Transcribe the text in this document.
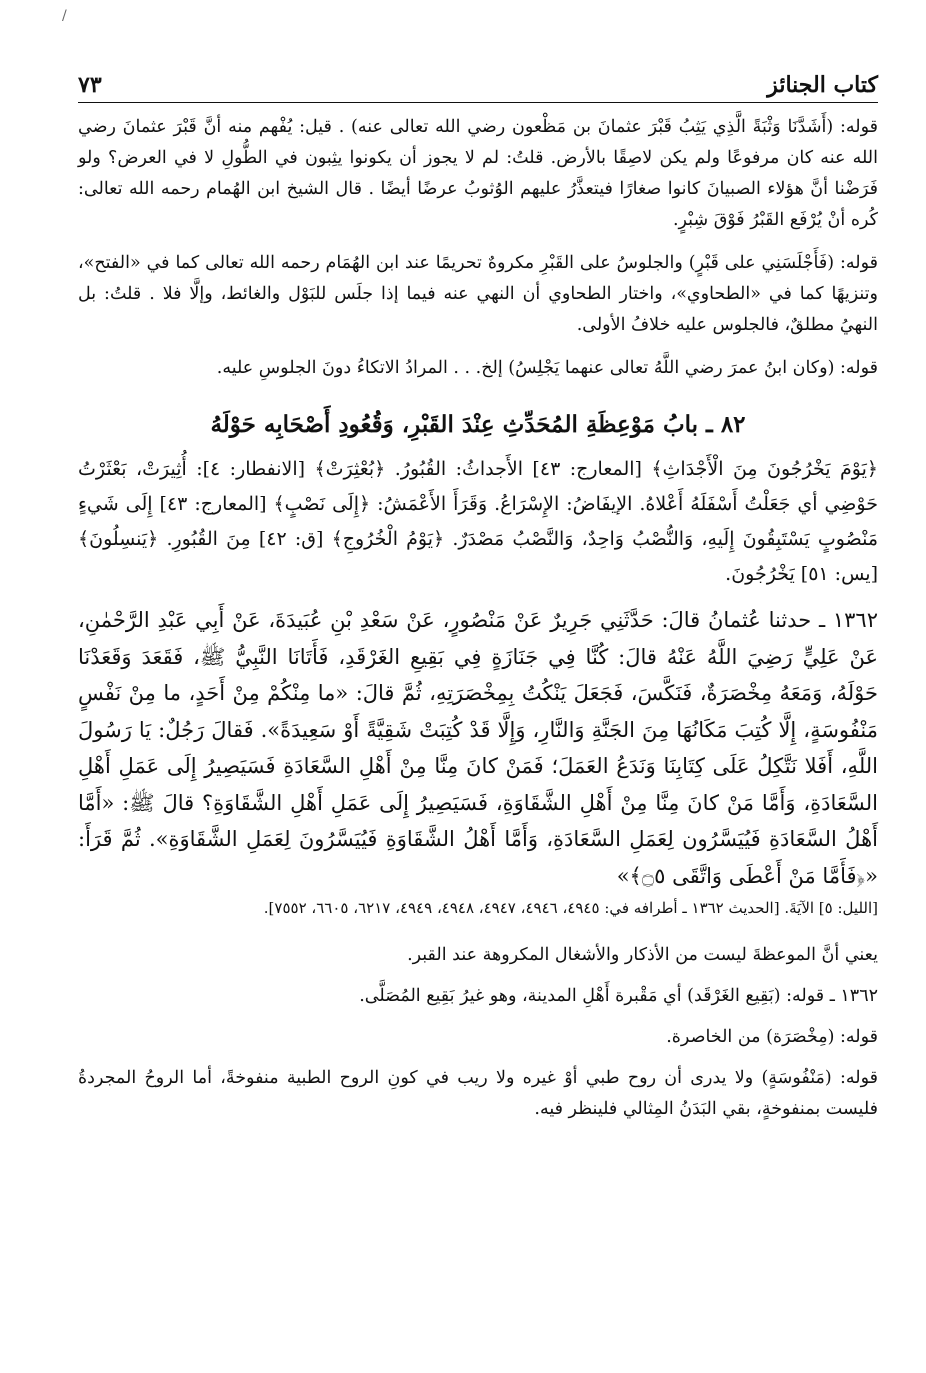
/
كتاب الجنائز
٧٣

قوله: (أَشَدَّنَا وَثْبَةً الَّذِي يَثِبُ قَبْرَ عثمانَ بن مَظْعون رضي الله تعالى عنه) . قيل: يُفْهم منه أنَّ قَبْرَ عثمانَ رضي الله عنه كان مرفوعًا ولم يكن لاصِقًا بالأرض. قلتُ: لم لا يجوز أن يكونوا يثِبون في الطُّولِ لا في العرض؟ ولو فَرَضْنا أنَّ هؤلاء الصبيانَ كانوا صغارًا فيتعذَّرُ عليهم الوُثوبُ عرضًا أيضًا . قال الشيخ ابن الهُمام رحمه الله تعالى: كُره أنْ يُرْفَع القَبْرُ فَوْقَ شِبْرٍ.

قوله: (فَأَجْلَسَنِي على قَبْرٍ) والجلوسُ على القَبْرِ مكروهٌ تحريمًا عند ابن الهُمَام رحمه الله تعالى كما في «الفتح»، وتنزيهًا كما في «الطحاوي»، واختار الطحاوي أن النهي عنه فيما إذا جلَس للبَوْل والغائط، وإلَّا فلا . قلتُ: بل النهيُ مطلقٌ، فالجلوس عليه خلافُ الأولى.

قوله: (وكان ابنُ عمرَ رضي اللَّهُ تعالى عنهما يَجْلِسُ) إلخ. . . المرادُ الاتكاءُ دونَ الجلوسِ عليه.

٨٢ ـ بابُ مَوْعِظَةِ المُحَدِّثِ عِنْدَ القَبْرِ، وَقُعُودِ أَصْحَابِه حَوْلَهُ

﴿يَوْمَ يَخْرُجُونَ مِنَ الْأَجْدَاثِ﴾ [المعارج: ٤٣] الأَجداثُ: القُبُورُ. ﴿بُعْثِرَتْ﴾ [الانفطار: ٤]: أُثِيرَتْ، بَعْثَرْتُ حَوْضِي أي جَعَلْتُ أَسْفَلَهُ أَعْلاهُ. الإيفَاضُ: الإِسْرَاعُ. وَقَرَأَ الأَعْمَشُ: ﴿إِلَى نَصْبٍ﴾ [المعارج: ٤٣] إِلَى شَيءٍ مَنْصُوبٍ يَسْتَبِقُونَ إِلَيهِ، وَالنُّصْبُ وَاحِدٌ، وَالنَّصْبُ مَصْدَرٌ. ﴿يَوْمُ الْخُرُوجِ﴾ [ق: ٤٢] مِنَ القُبُورِ. ﴿يَنسِلُونَ﴾ [يس: ٥١] يَخْرُجُونَ.

١٣٦٢ ـ حدثنا عُثمانُ قالَ: حَدَّثَنِي جَرِيرٌ عَنْ مَنْصُورٍ، عَنْ سَعْدِ بْنِ عُبَيدَةَ، عَنْ أَبِي عَبْدِ الرَّحْمٰنِ، عَنْ عَلِيٍّ رَضِيَ اللَّهُ عَنْهُ قالَ: كُنَّا فِي جَنَازَةٍ فِي بَقِيعِ الغَرْقَدِ، فَأَتَانَا النَّبِيُّ ﷺ، فَقَعَدَ وَقَعَدْنَا حَوْلَهُ، وَمَعَهُ مِخْصَرَةٌ، فَنَكَّسَ، فَجَعَلَ يَنْكُتُ بِمِخْصَرَتِهِ، ثُمَّ قالَ: «ما مِنْكُمْ مِنْ أَحَدٍ، ما مِنْ نَفْسٍ مَنْفُوسَةٍ، إِلَّا كُتِبَ مَكَانُهَا مِنَ الجَنَّةِ وَالنَّارِ، وَإِلَّا قَدْ كُتِبَتْ شَقِيَّةً أَوْ سَعِيدَةً». فَقالَ رَجُلٌ: يَا رَسُولَ اللَّهِ، أَفَلا نَتَّكِلُ عَلَى كِتَابِنَا وَنَدَعُ العَمَلَ؛ فَمَنْ كانَ مِنَّا مِنْ أَهْلِ السَّعَادَةِ فَسَيَصِيرُ إِلَى عَمَلِ أَهْلِ السَّعَادَةِ، وَأَمَّا مَنْ كانَ مِنَّا مِنْ أَهْلِ الشَّقَاوَةِ، فَسَيَصِيرُ إِلَى عَمَلِ أَهْلِ الشَّقَاوَةِ؟ قالَ ﷺ: «أَمَّا أَهْلُ السَّعَادَةِ فَيُيَسَّرُون لِعَمَلِ السَّعَادَةِ، وَأَمَّا أَهْلُ الشَّقَاوَةِ فَيُيَسَّرُونَ لِعَمَلِ الشَّقَاوَةِ». ثُمَّ قَرَأَ: «﴿فَأَمَّا مَنْ أَعْطَى وَاتَّقَى ۝٥﴾»

[الليل: ٥] الآيَةَ. [الحديث ١٣٦٢ ـ أطرافه في: ٤٩٤٥، ٤٩٤٦، ٤٩٤٧، ٤٩٤٨، ٤٩٤٩، ٦٢١٧، ٦٦٠٥، ٧٥٥٢].

يعني أنَّ الموعظةَ ليست من الأذكار والأشغال المكروهة عند القبر.

١٣٦٢ ـ قوله: (بَقِيع الغَرْقَد) أي مَقْبرة أَهْلِ المدينة، وهو غيرُ بَقِيع المُصَلَّى.

قوله: (مِخْصَرَة) من الخاصرة.

قوله: (مَنْفُوسَةٍ) ولا يدرى أن روح طبي أوْ غيره ولا ريب في كونِ الروح الطبية منفوخةً، أما الروحُ المجردةُ فليست بمنفوخةٍ، بقي البَدَنُ المِثالي فلينظر فيه.
